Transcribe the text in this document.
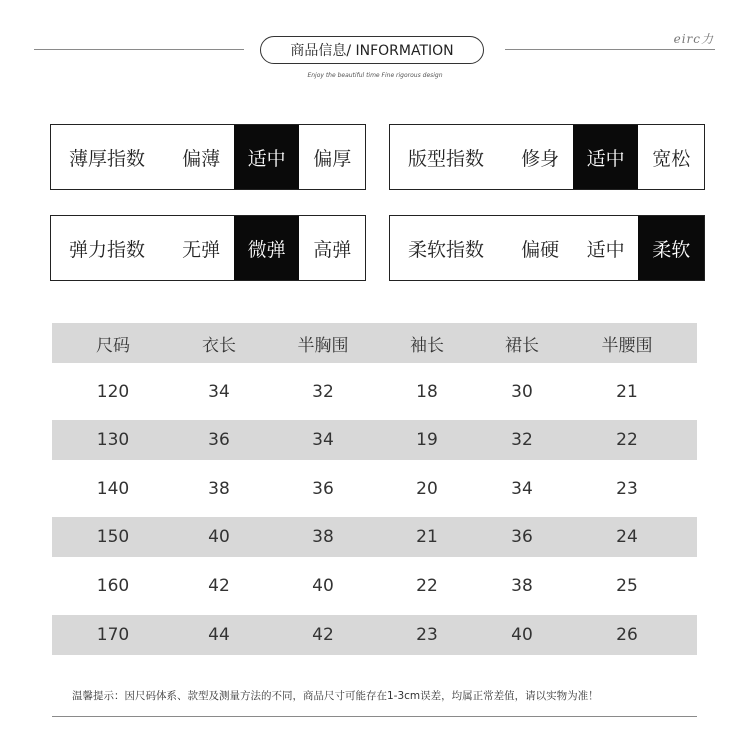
eirc力
商品信息/ INFORMATION
Enjoy the beautiful time Fine rigorous design
薄厚指数	偏薄	适中	偏厚	版型指数	修身	适中	宽松
弹力指数	无弹	微弹	高弹	柔软指数	偏硬	适中	柔软
尺码	衣长	半胸围	袖长	裙长	半腰围
120	34	32	18	30	21
130	36	34	19	32	22
140	38	36	20	34	23
150	40	38	21	36	24
160	42	40	22	38	25
170	44	42	23	40	26
温馨提示：因尺码体系、款型及测量方法的不同，商品尺寸可能存在1-3cm误差，均属正常差值，请以实物为准！
